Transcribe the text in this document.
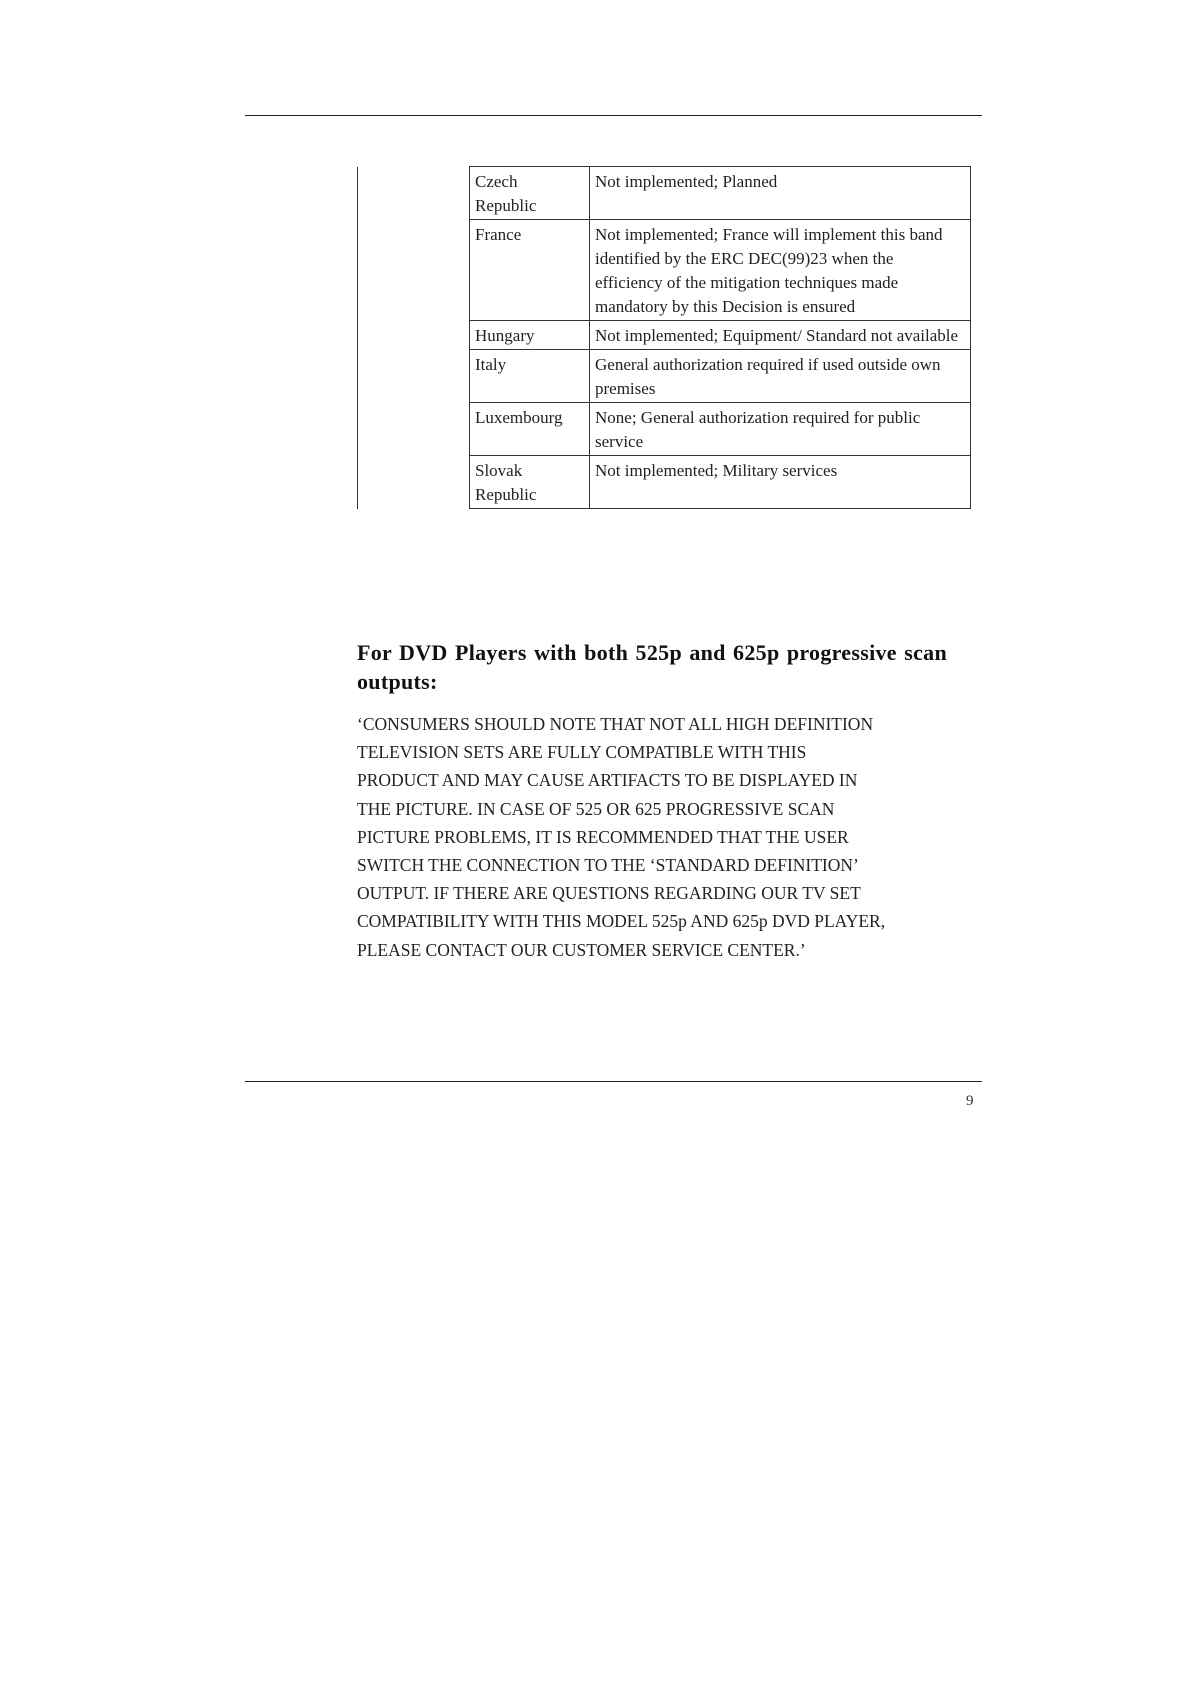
	Czech Republic	Not implemented; Planned
	France	Not implemented; France will implement this band identified by the ERC DEC(99)23 when the efficiency of the mitigation techniques made mandatory by this Decision is ensured
	Hungary	Not implemented; Equipment/ Standard not available
	Italy	General authorization required if used outside own premises
	Luxembourg	None; General authorization required for public service
	Slovak Republic	Not implemented; Military services
For DVD Players with both 525p and 625p progressive scan outputs:
‘CONSUMERS SHOULD NOTE THAT NOT ALL HIGH DEFINITION
TELEVISION SETS ARE FULLY COMPATIBLE WITH THIS
PRODUCT AND MAY CAUSE ARTIFACTS TO BE DISPLAYED IN
THE PICTURE. IN CASE OF 525 OR 625 PROGRESSIVE SCAN
PICTURE PROBLEMS, IT IS RECOMMENDED THAT THE USER
SWITCH THE CONNECTION TO THE ‘STANDARD DEFINITION’
OUTPUT. IF THERE ARE QUESTIONS REGARDING OUR TV SET
COMPATIBILITY WITH THIS MODEL 525p AND 625p DVD PLAYER,
PLEASE CONTACT OUR CUSTOMER SERVICE CENTER.’
9
